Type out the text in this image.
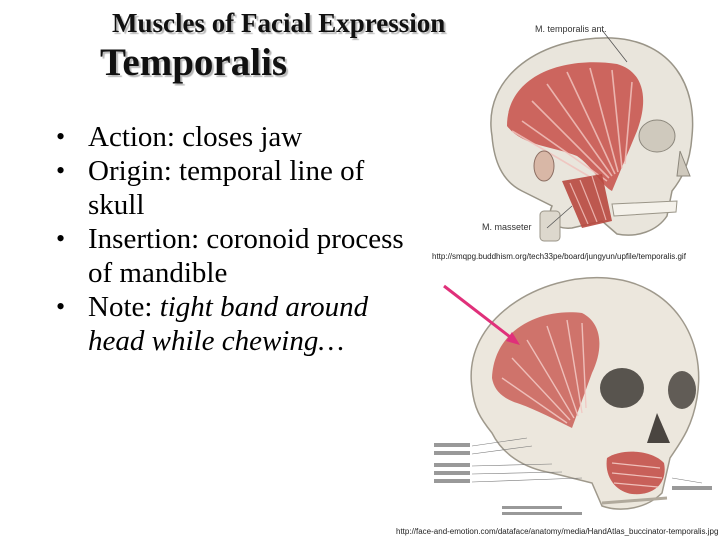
Muscles of Facial Expression
Temporalis
• Action: closes jaw
• Origin: temporal line of skull
• Insertion: coronoid process of mandible
• Note: tight band around head while chewing…
M. temporalis ant.
M. masseter
http://smqpg.buddhism.org/tech33pe/board/jungyun/upfile/temporalis.gif
http://face-and-emotion.com/dataface/anatomy/media/HandAtlas_buccinator-temporalis.jpg
